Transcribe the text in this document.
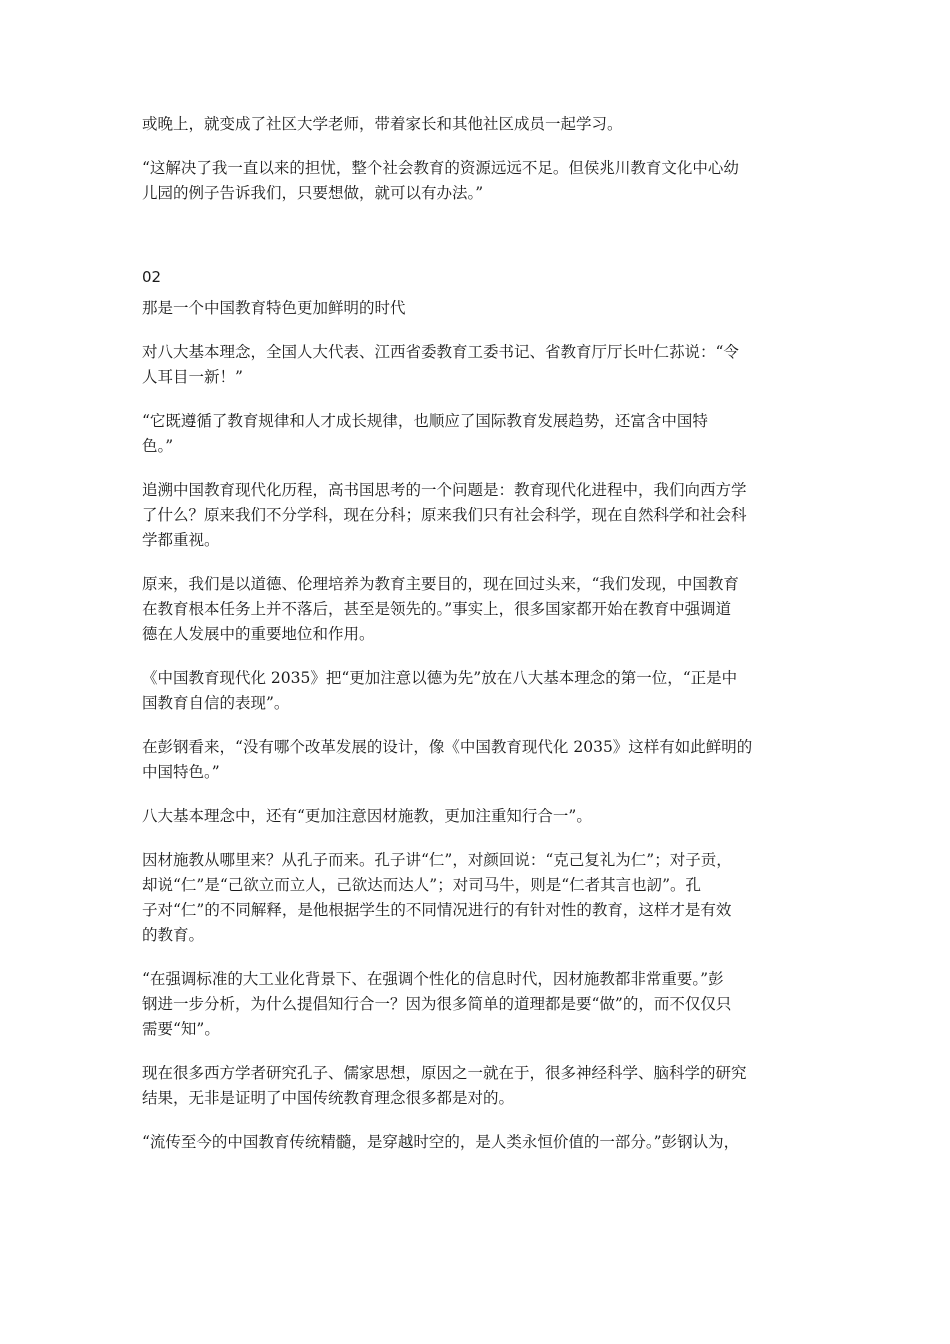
或晚上，就变成了社区大学老师，带着家长和其他社区成员一起学习。

“这解决了我一直以来的担忧，整个社会教育的资源远远不足。但侯兆川教育文化中心幼
儿园的例子告诉我们，只要想做，就可以有办法。”

02

那是一个中国教育特色更加鲜明的时代

对八大基本理念，全国人大代表、江西省委教育工委书记、省教育厅厅长叶仁荪说：“令
人耳目一新！”

“它既遵循了教育规律和人才成长规律，也顺应了国际教育发展趋势，还富含中国特
色。”

追溯中国教育现代化历程，高书国思考的一个问题是：教育现代化进程中，我们向西方学
了什么？原来我们不分学科，现在分科；原来我们只有社会科学，现在自然科学和社会科
学都重视。

原来，我们是以道德、伦理培养为教育主要目的，现在回过头来，“我们发现，中国教育
在教育根本任务上并不落后，甚至是领先的。”事实上，很多国家都开始在教育中强调道
德在人发展中的重要地位和作用。

《中国教育现代化 2035》把“更加注意以德为先”放在八大基本理念的第一位，“正是中
国教育自信的表现”。

在彭钢看来，“没有哪个改革发展的设计，像《中国教育现代化 2035》这样有如此鲜明的
中国特色。”

八大基本理念中，还有“更加注意因材施教，更加注重知行合一”。

因材施教从哪里来？从孔子而来。孔子讲“仁”，对颜回说：“克己复礼为仁”；对子贡，
却说“仁”是“己欲立而立人，己欲达而达人”；对司马牛，则是“仁者其言也訒”。孔
子对“仁”的不同解释，是他根据学生的不同情况进行的有针对性的教育，这样才是有效
的教育。

“在强调标准的大工业化背景下、在强调个性化的信息时代，因材施教都非常重要。”彭
钢进一步分析，为什么提倡知行合一？因为很多简单的道理都是要“做”的，而不仅仅只
需要“知”。

现在很多西方学者研究孔子、儒家思想，原因之一就在于，很多神经科学、脑科学的研究
结果，无非是证明了中国传统教育理念很多都是对的。

“流传至今的中国教育传统精髓，是穿越时空的，是人类永恒价值的一部分。”彭钢认为，
